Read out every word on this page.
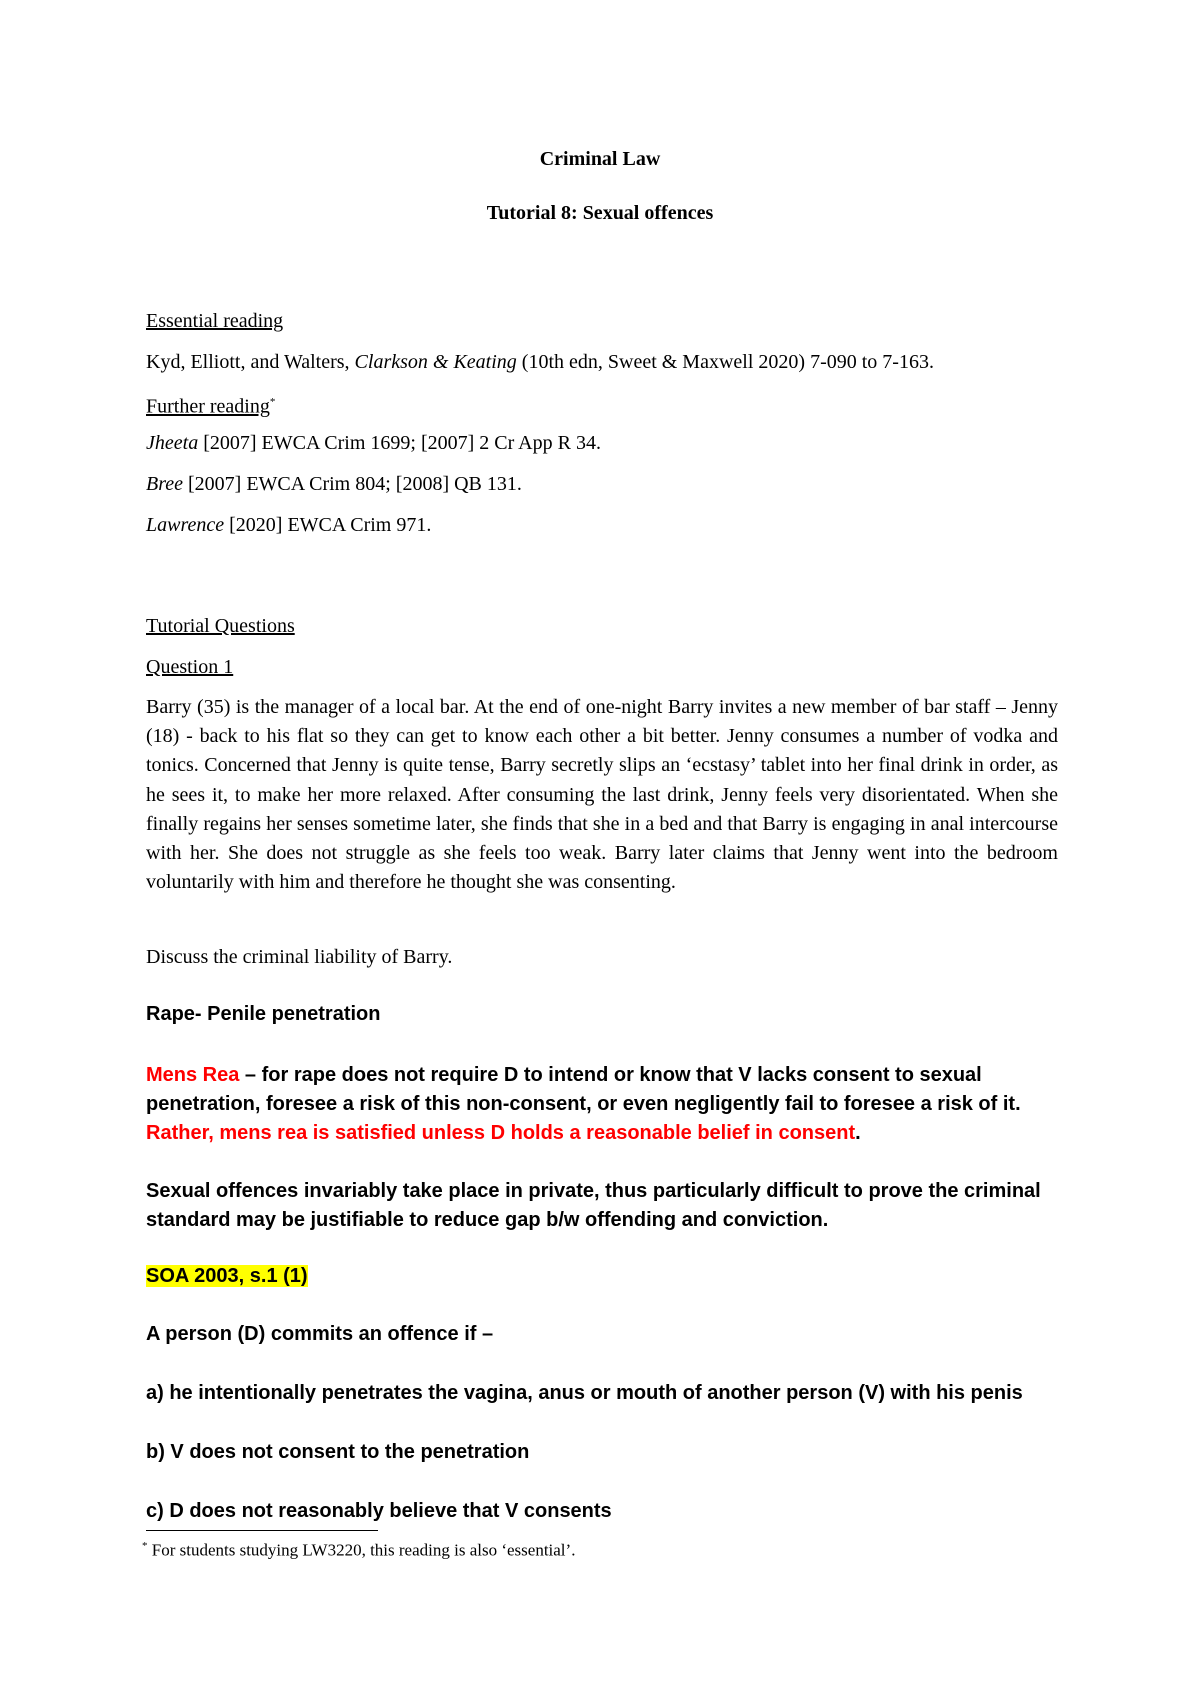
Criminal Law
Tutorial 8: Sexual offences
Essential reading
Kyd, Elliott, and Walters, Clarkson & Keating (10th edn, Sweet & Maxwell 2020) 7-090 to 7-163.
Further reading*
Jheeta [2007] EWCA Crim 1699; [2007] 2 Cr App R 34.
Bree [2007] EWCA Crim 804; [2008] QB 131.
Lawrence [2020] EWCA Crim 971.
Tutorial Questions
Question 1
Barry (35) is the manager of a local bar. At the end of one-night Barry invites a new member of bar staff – Jenny (18) - back to his flat so they can get to know each other a bit better. Jenny consumes a number of vodka and tonics. Concerned that Jenny is quite tense, Barry secretly slips an ‘ecstasy’ tablet into her final drink in order, as he sees it, to make her more relaxed. After consuming the last drink, Jenny feels very disorientated. When she finally regains her senses sometime later, she finds that she in a bed and that Barry is engaging in anal intercourse with her. She does not struggle as she feels too weak. Barry later claims that Jenny went into the bedroom voluntarily with him and therefore he thought she was consenting.
Discuss the criminal liability of Barry.
Rape- Penile penetration
Mens Rea – for rape does not require D to intend or know that V lacks consent to sexual penetration, foresee a risk of this non-consent, or even negligently fail to foresee a risk of it. Rather, mens rea is satisfied unless D holds a reasonable belief in consent.
Sexual offences invariably take place in private, thus particularly difficult to prove the criminal standard may be justifiable to reduce gap b/w offending and conviction.
SOA 2003, s.1 (1)
A person (D) commits an offence if –
a) he intentionally penetrates the vagina, anus or mouth of another person (V) with his penis
b) V does not consent to the penetration
c) D does not reasonably believe that V consents
* For students studying LW3220, this reading is also ‘essential’.
